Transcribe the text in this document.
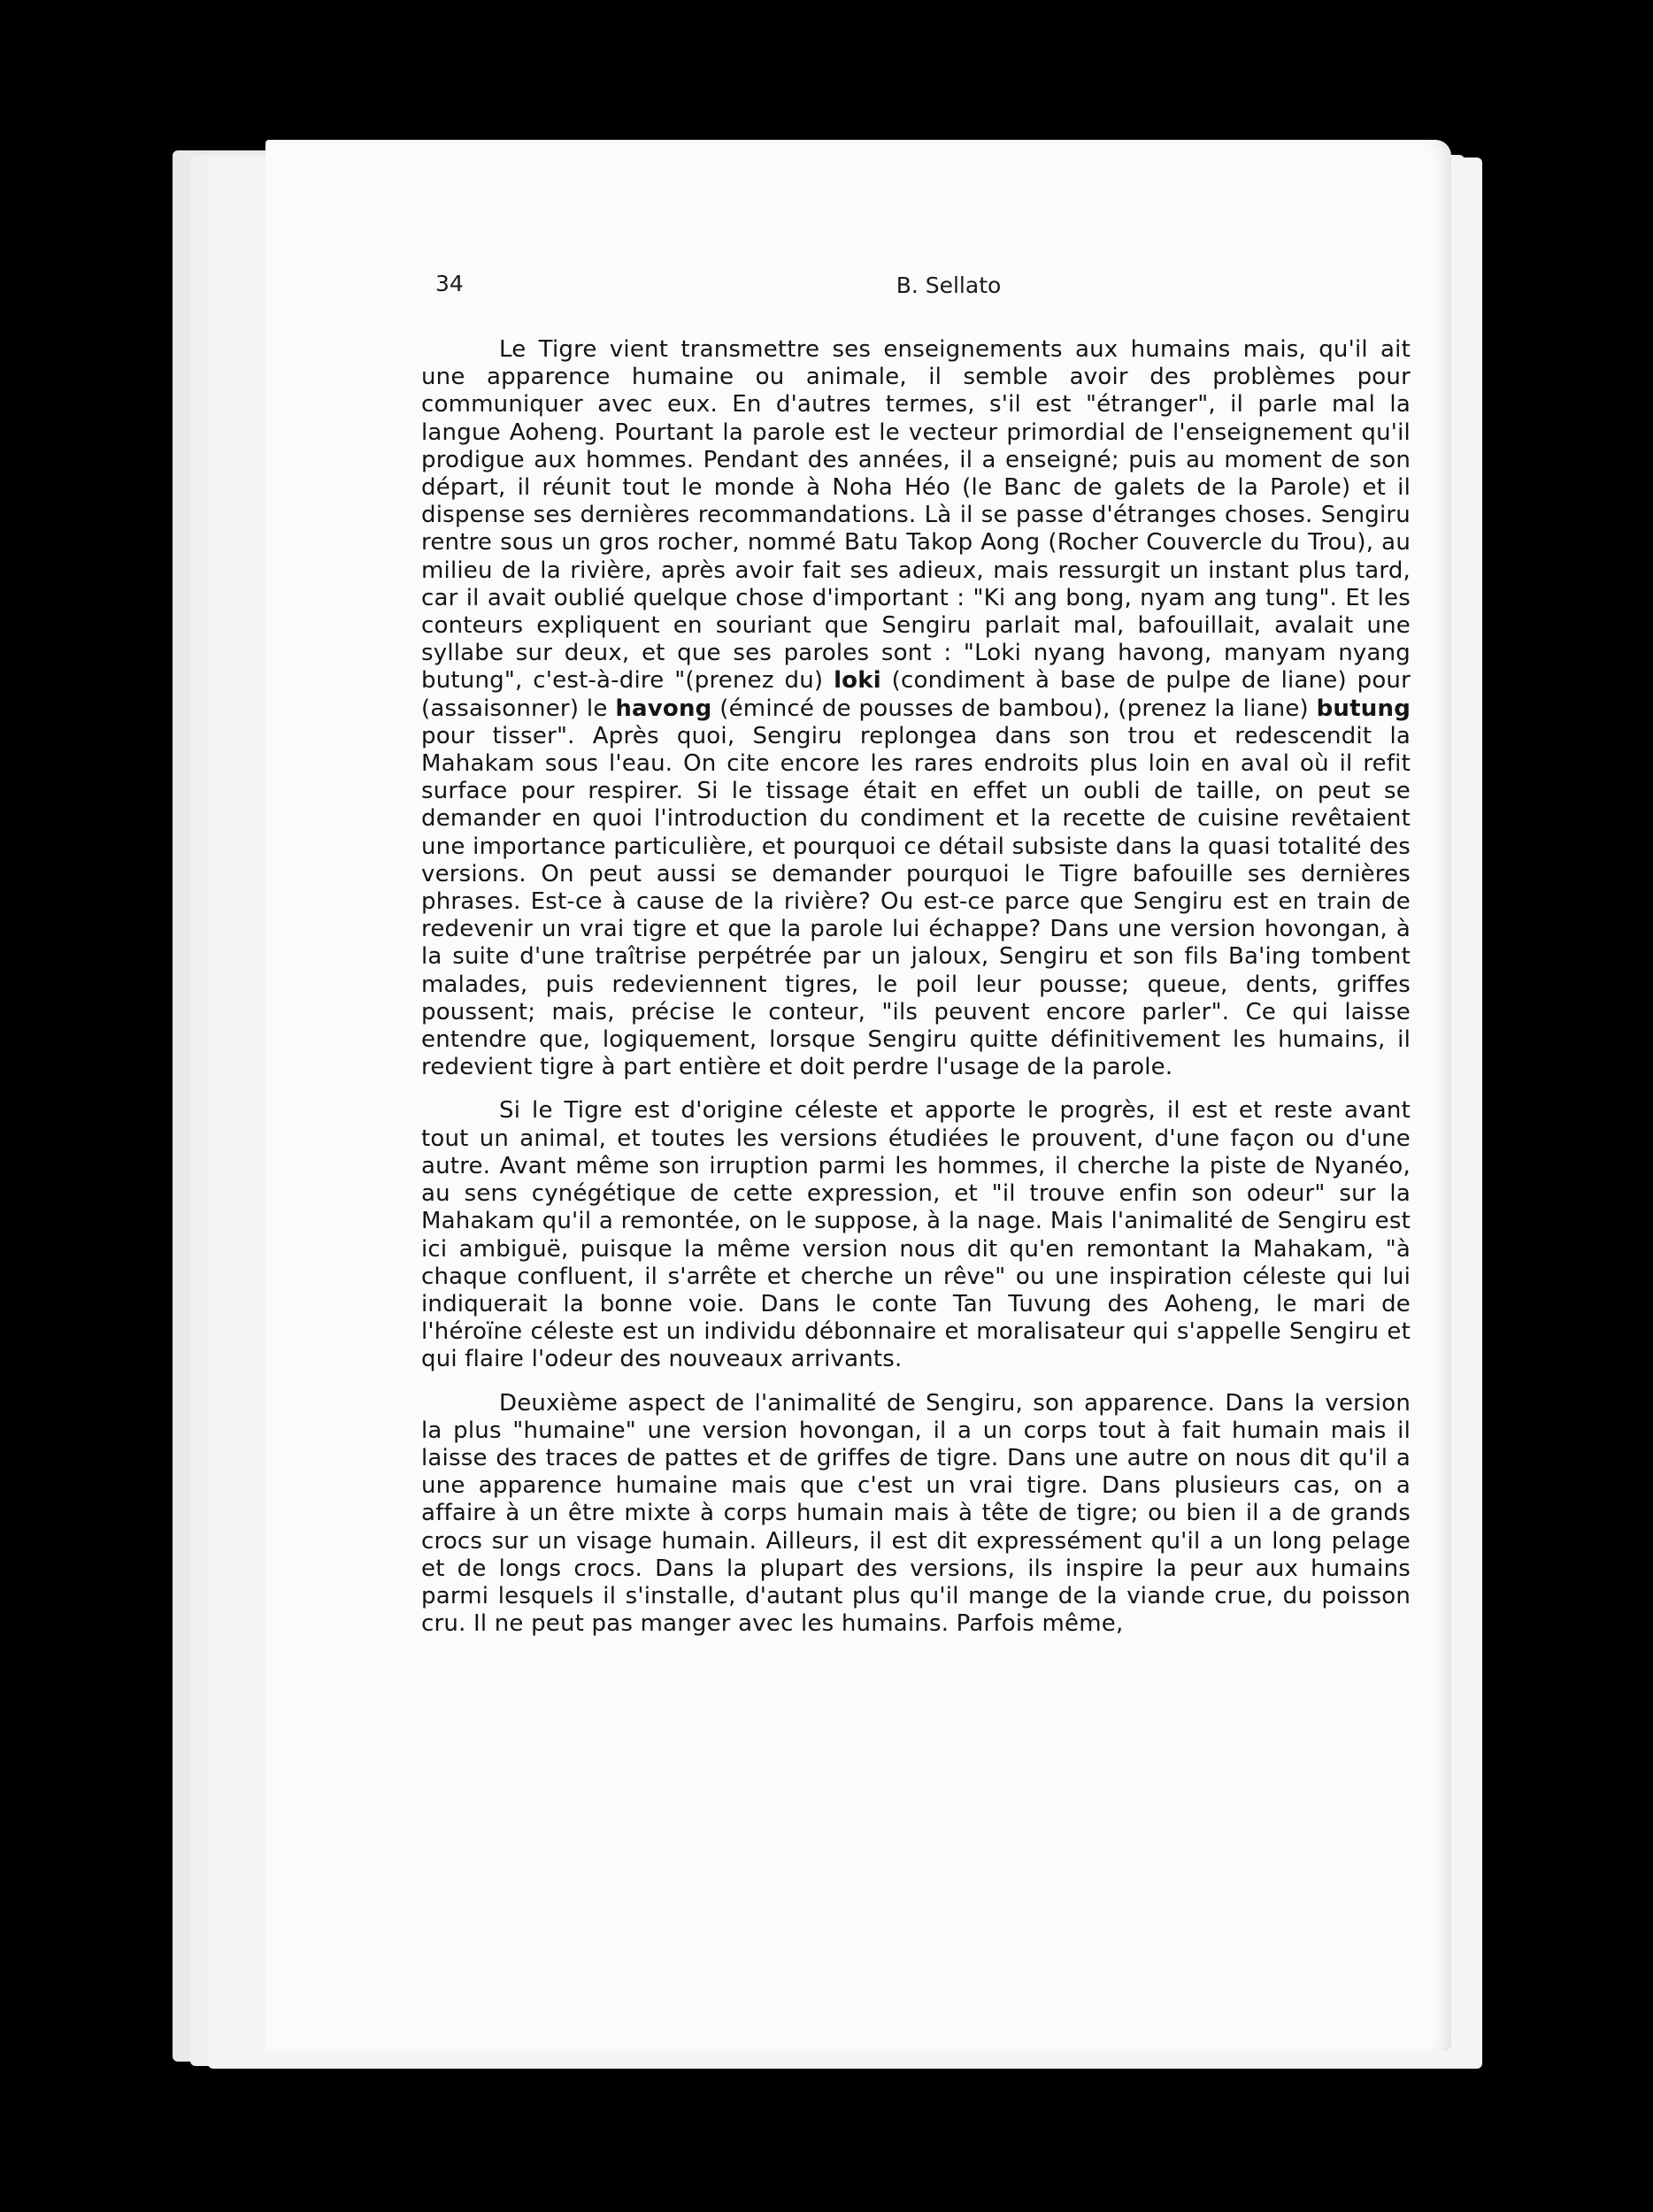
34	B. Sellato

Le Tigre vient transmettre ses enseignements aux humains mais, qu'il ait une apparence humaine ou animale, il semble avoir des problèmes pour communiquer avec eux. En d'autres termes, s'il est "étranger", il parle mal la langue Aoheng. Pourtant la parole est le vecteur primordial de l'enseignement qu'il prodigue aux hommes. Pendant des années, il a enseigné; puis au moment de son départ, il réunit tout le monde à Noha Héo (le Banc de galets de la Parole) et il dispense ses dernières recommandations. Là il se passe d'étranges choses. Sengiru rentre sous un gros rocher, nommé Batu Takop Aong (Rocher Couvercle du Trou), au milieu de la rivière, après avoir fait ses adieux, mais ressurgit un instant plus tard, car il avait oublié quelque chose d'important : "Ki ang bong, nyam ang tung". Et les conteurs expliquent en souriant que Sengiru parlait mal, bafouillait, avalait une syllabe sur deux, et que ses paroles sont : "Loki nyang havong, manyam nyang butung", c'est-à-dire "(prenez du) loki (condiment à base de pulpe de liane) pour (assaisonner) le havong (émincé de pousses de bambou), (prenez la liane) butung pour tisser". Après quoi, Sengiru replongea dans son trou et redescendit la Mahakam sous l'eau. On cite encore les rares endroits plus loin en aval où il refit surface pour respirer. Si le tissage était en effet un oubli de taille, on peut se demander en quoi l'introduction du condiment et la recette de cuisine revêtaient une importance particulière, et pourquoi ce détail subsiste dans la quasi totalité des versions. On peut aussi se demander pourquoi le Tigre bafouille ses dernières phrases. Est-ce à cause de la rivière? Ou est-ce parce que Sengiru est en train de redevenir un vrai tigre et que la parole lui échappe? Dans une version hovongan, à la suite d'une traîtrise perpétrée par un jaloux, Sengiru et son fils Ba'ing tombent malades, puis redeviennent tigres, le poil leur pousse; queue, dents, griffes poussent; mais, précise le conteur, "ils peuvent encore parler". Ce qui laisse entendre que, logiquement, lorsque Sengiru quitte définitivement les humains, il redevient tigre à part entière et doit perdre l'usage de la parole.

Si le Tigre est d'origine céleste et apporte le progrès, il est et reste avant tout un animal, et toutes les versions étudiées le prouvent, d'une façon ou d'une autre. Avant même son irruption parmi les hommes, il cherche la piste de Nyanéo, au sens cynégétique de cette expression, et "il trouve enfin son odeur" sur la Mahakam qu'il a remontée, on le suppose, à la nage. Mais l'animalité de Sengiru est ici ambiguë, puisque la même version nous dit qu'en remontant la Mahakam, "à chaque confluent, il s'arrête et cherche un rêve" ou une inspiration céleste qui lui indiquerait la bonne voie. Dans le conte Tan Tuvung des Aoheng, le mari de l'héroïne céleste est un individu débonnaire et moralisateur qui s'appelle Sengiru et qui flaire l'odeur des nouveaux arrivants.

Deuxième aspect de l'animalité de Sengiru, son apparence. Dans la version la plus "humaine" une version hovongan, il a un corps tout à fait humain mais il laisse des traces de pattes et de griffes de tigre. Dans une autre on nous dit qu'il a une apparence humaine mais que c'est un vrai tigre. Dans plusieurs cas, on a affaire à un être mixte à corps humain mais à tête de tigre; ou bien il a de grands crocs sur un visage humain. Ailleurs, il est dit expressément qu'il a un long pelage et de longs crocs. Dans la plupart des versions, ils inspire la peur aux humains parmi lesquels il s'installe, d'autant plus qu'il mange de la viande crue, du poisson cru. Il ne peut pas manger avec les humains. Parfois même,
